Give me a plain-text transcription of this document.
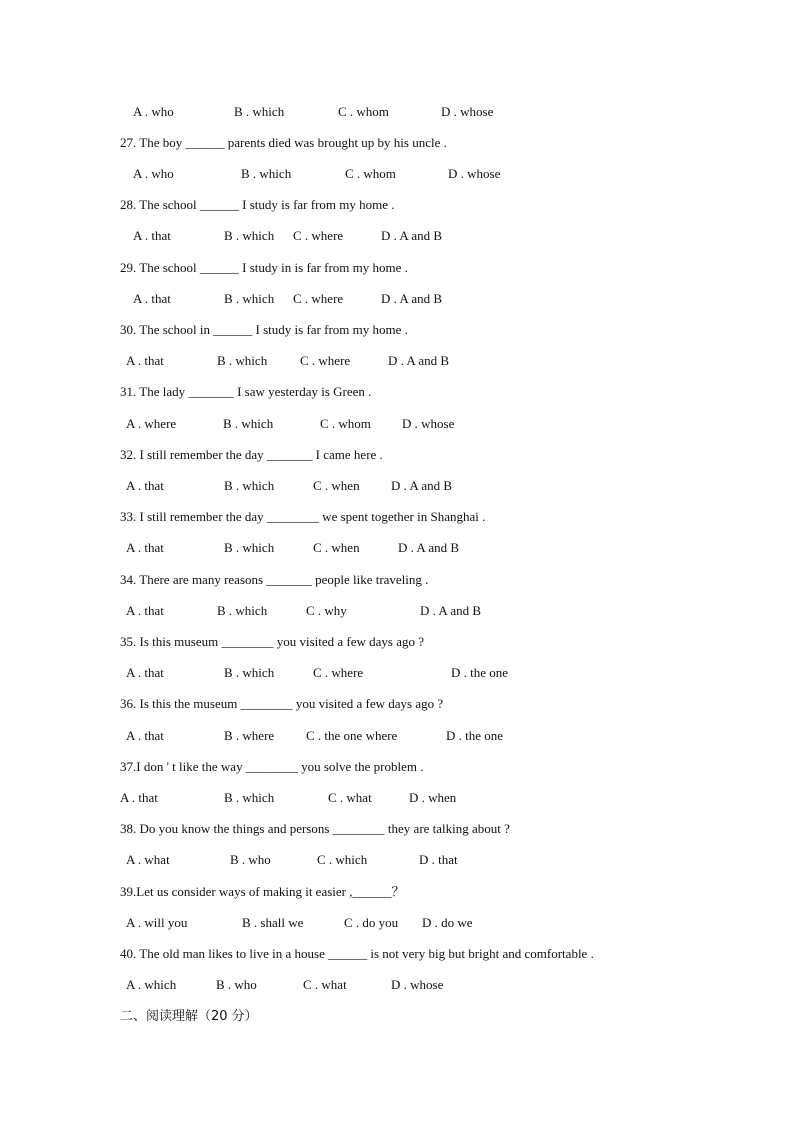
A . who	B . which	C . whom	D . whose
27. The boy ______ parents died was brought up by his uncle .
A . who	B . which	C . whom	D . whose
28. The school ______ I study is far from my home .
A . that	B . which C . where	D . A and B
29. The school ______ I study in is far from my home .
A . that	B . which C . where	D . A and B
30. The school in ______ I study is far from my home .
A . that	B . which	C . where	D . A and B
31. The lady _______ I saw yesterday is Green .
A . where	B . which	C . whom D . whose
32. I still remember the day _______ I came here .
A . that	B . which	C . when D . A and B
33. I still remember the day ________ we spent together in Shanghai .
A . that	B . which	C . when	D . A and B
34. There are many reasons _______ people like traveling .
A . that	B . which	C . why	D . A and B
35. Is this museum ________ you visited a few days ago ?
A . that	B . which	C . where	D . the one
36. Is this the museum ________ you visited a few days ago ?
A . that	B . where C . the one where	D . the one
37.I don ' t like the way ________ you solve the problem .
A . that	B . which	C . what	D . when
38. Do you know the things and persons ________ they are talking about ?
A . what	B . who	C . which	D . that
39.Let us consider ways of making it easier ,______？
A . will you	B . shall we	C . do you D . do we
40. The old man likes to live in a house ______ is not very big but bright and comfortable .
A . which	B . who	C . what	D . whose
二、阅读理解（20 分）
